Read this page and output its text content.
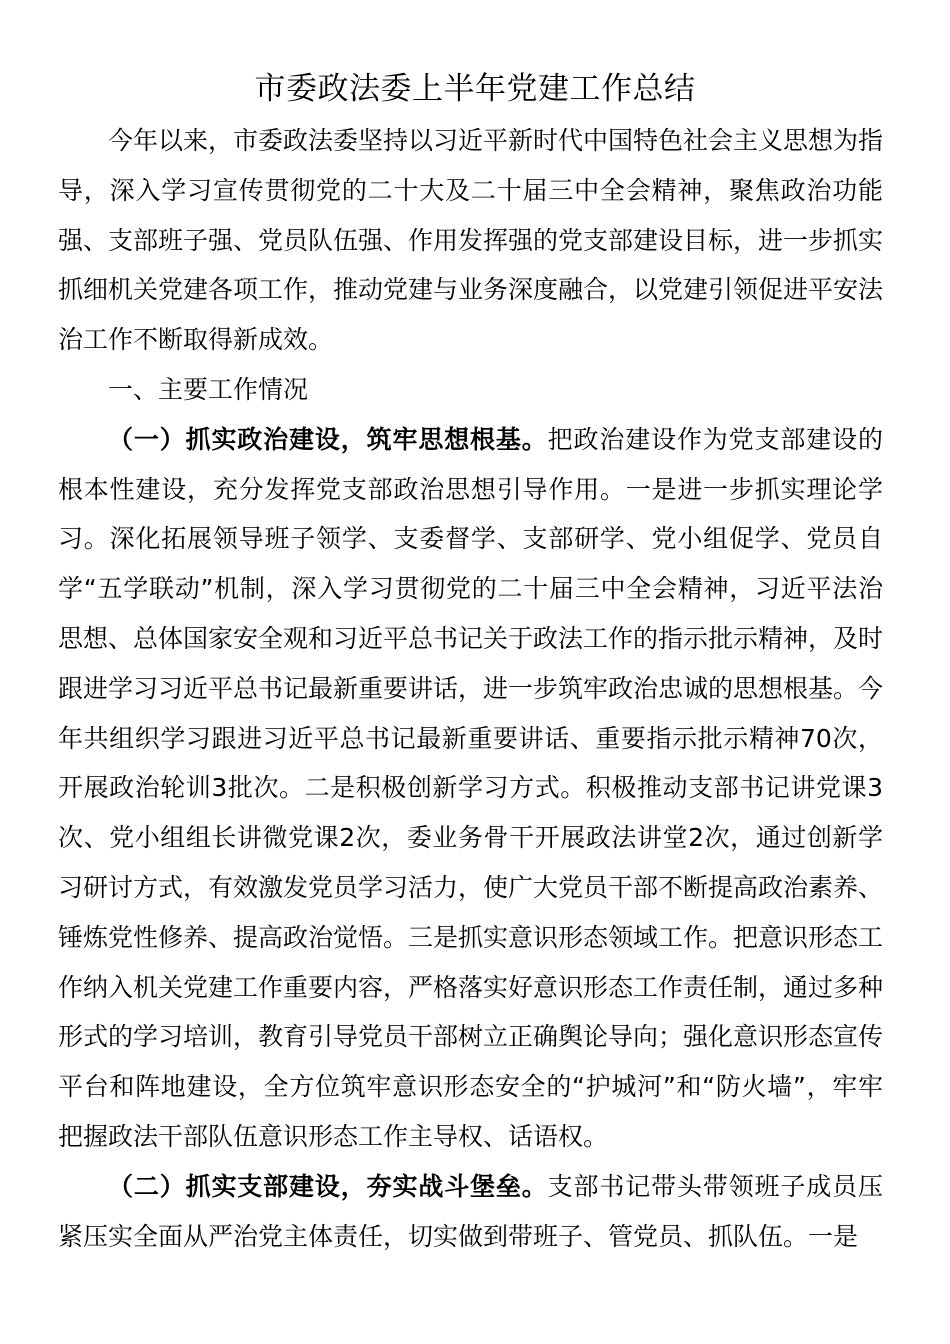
市委政法委上半年党建工作总结

今年以来，市委政法委坚持以习近平新时代中国特色社会主义思想为指导，深入学习宣传贯彻党的二十大及二十届三中全会精神，聚焦政治功能强、支部班子强、党员队伍强、作用发挥强的党支部建设目标，进一步抓实抓细机关党建各项工作，推动党建与业务深度融合，以党建引领促进平安法治工作不断取得新成效。

一、主要工作情况

（一）抓实政治建设，筑牢思想根基。把政治建设作为党支部建设的根本性建设，充分发挥党支部政治思想引导作用。一是进一步抓实理论学习。深化拓展领导班子领学、支委督学、支部研学、党小组促学、党员自学“五学联动”机制，深入学习贯彻党的二十届三中全会精神，习近平法治思想、总体国家安全观和习近平总书记关于政法工作的指示批示精神，及时跟进学习习近平总书记最新重要讲话，进一步筑牢政治忠诚的思想根基。今年共组织学习跟进习近平总书记最新重要讲话、重要指示批示精神70次，开展政治轮训3批次。二是积极创新学习方式。积极推动支部书记讲党课3次、党小组组长讲微党课2次，委业务骨干开展政法讲堂2次，通过创新学习研讨方式，有效激发党员学习活力，使广大党员干部不断提高政治素养、锤炼党性修养、提高政治觉悟。三是抓实意识形态领域工作。把意识形态工作纳入机关党建工作重要内容，严格落实好意识形态工作责任制，通过多种形式的学习培训，教育引导党员干部树立正确舆论导向；强化意识形态宣传平台和阵地建设，全方位筑牢意识形态安全的“护城河”和“防火墙”，牢牢把握政法干部队伍意识形态工作主导权、话语权。

（二）抓实支部建设，夯实战斗堡垒。支部书记带头带领班子成员压紧压实全面从严治党主体责任，切实做到带班子、管党员、抓队伍。一是
